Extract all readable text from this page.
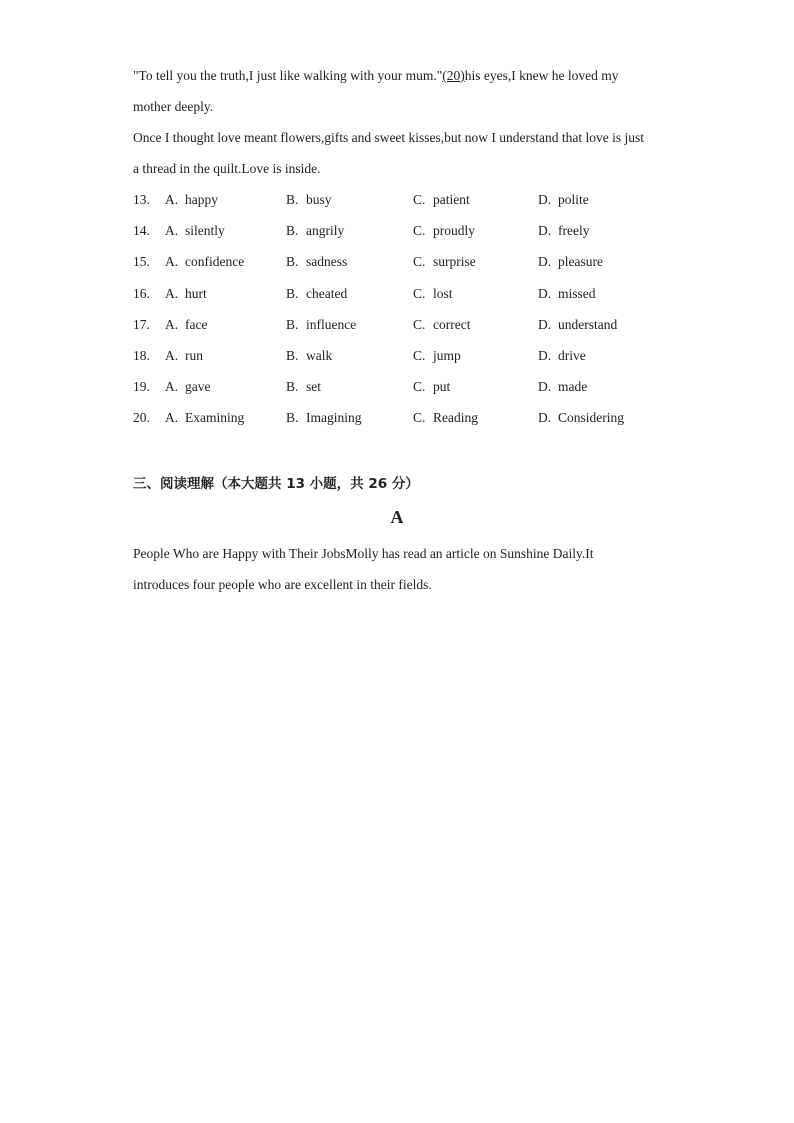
"To tell you the truth,I just like walking with your mum."(20)his eyes,I knew he loved my mother deeply.

Once I thought love meant flowers,gifts and sweet kisses,but now I understand that love is just a thread in the quilt.Love is inside.

13. A. happy	B. busy	C. patient	D. polite
14. A. silently	B. angrily	C. proudly	D. freely
15. A. confidence	B. sadness	C. surprise	D. pleasure
16. A. hurt	B. cheated	C. lost	D. missed
17. A. face	B. influence	C. correct	D. understand
18. A. run	B. walk	C. jump	D. drive
19. A. gave	B. set	C. put	D. made
20. A. Examining	B. Imagining	C. Reading	D. Considering
三、阅读理解（本大题共 13 小题，共 26 分）
A

People Who are Happy with Their JobsMolly has read an article on Sunshine Daily.It introduces four people who are excellent in their fields.
